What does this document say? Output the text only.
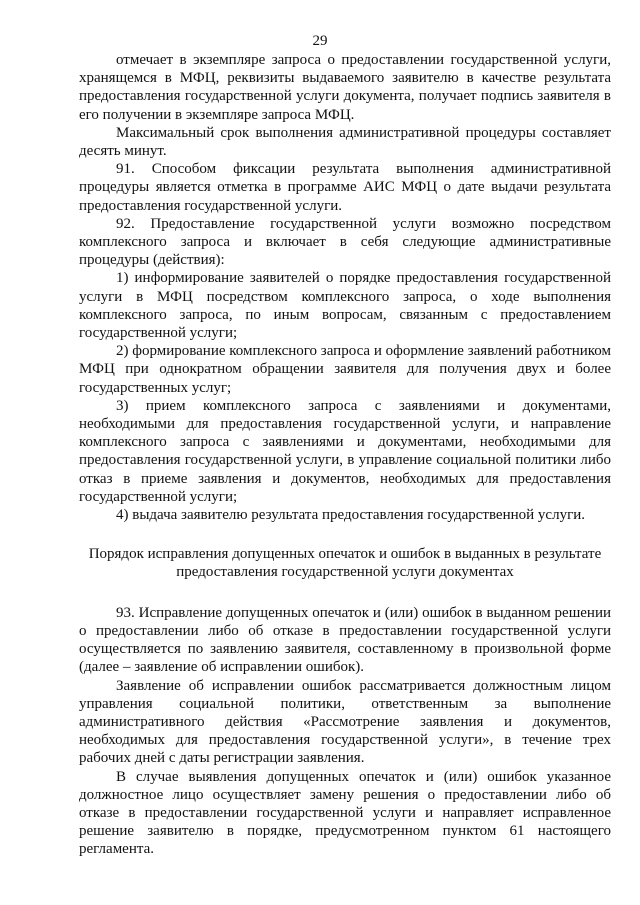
29

отмечает в экземпляре запроса о предоставлении государственной услуги, хранящемся в МФЦ, реквизиты выдаваемого заявителю в качестве результата предоставления государственной услуги документа, получает подпись заявителя в его получении в экземпляре запроса МФЦ.

Максимальный срок выполнения административной процедуры составляет десять минут.

91. Способом фиксации результата выполнения административной процедуры является отметка в программе АИС МФЦ о дате выдачи результата предоставления государственной услуги.

92. Предоставление государственной услуги возможно посредством комплексного запроса и включает в себя следующие административные процедуры (действия):

1) информирование заявителей о порядке предоставления государственной услуги в МФЦ посредством комплексного запроса, о ходе выполнения комплексного запроса, по иным вопросам, связанным с предоставлением государственной услуги;

2) формирование комплексного запроса и оформление заявлений работником МФЦ при однократном обращении заявителя для получения двух и более государственных услуг;

3) прием комплексного запроса с заявлениями и документами, необходимыми для предоставления государственной услуги, и направление комплексного запроса с заявлениями и документами, необходимыми для предоставления государственной услуги, в управление социальной политики либо отказ в приеме заявления и документов, необходимых для предоставления государственной услуги;

4) выдача заявителю результата предоставления государственной услуги.

Порядок исправления допущенных опечаток и ошибок в выданных в результате
предоставления государственной услуги документах

93. Исправление допущенных опечаток и (или) ошибок в выданном решении о предоставлении либо об отказе в предоставлении государственной услуги осуществляется по заявлению заявителя, составленному в произвольной форме (далее – заявление об исправлении ошибок).

Заявление об исправлении ошибок рассматривается должностным лицом управления социальной политики, ответственным за выполнение административного действия «Рассмотрение заявления и документов, необходимых для предоставления государственной услуги», в течение трех рабочих дней с даты регистрации заявления.

В случае выявления допущенных опечаток и (или) ошибок указанное должностное лицо осуществляет замену решения о предоставлении либо об отказе в предоставлении государственной услуги и направляет исправленное решение заявителю в порядке, предусмотренном пунктом 61 настоящего регламента.
